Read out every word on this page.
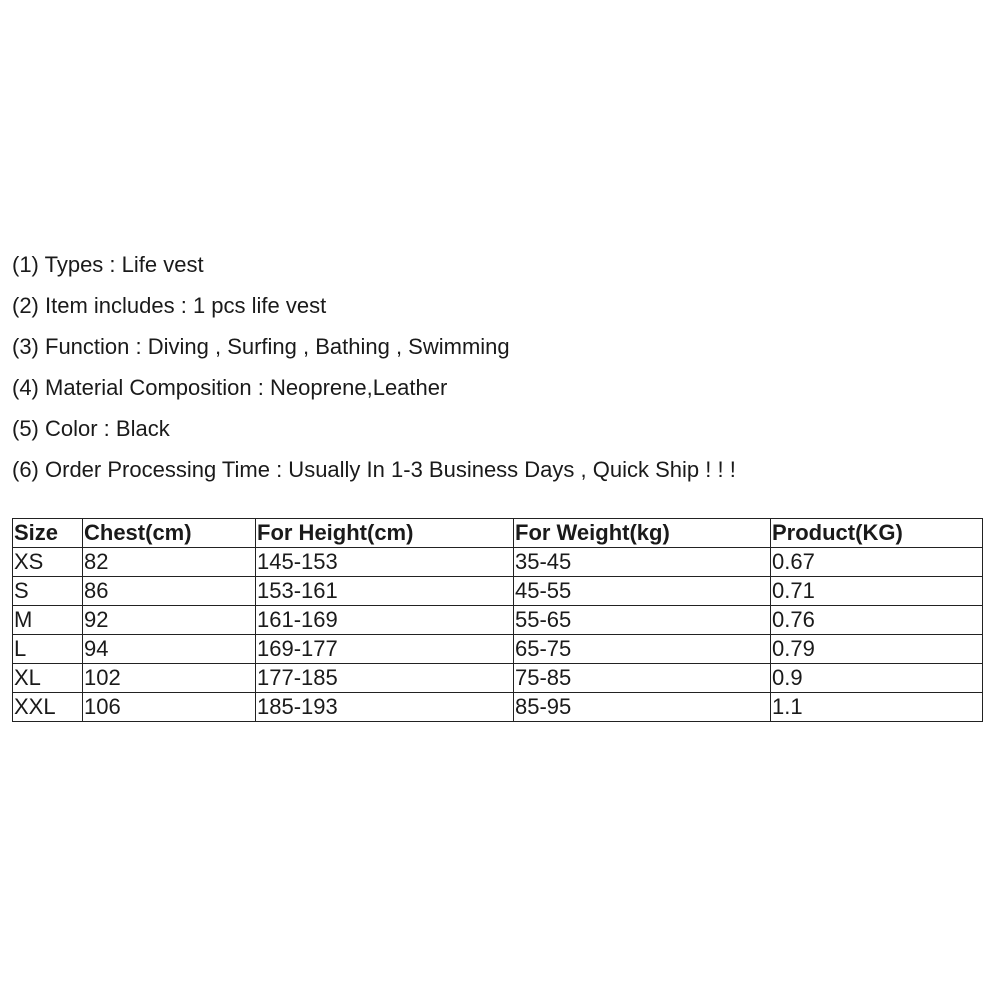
(1) Types : Life vest
(2) Item includes : 1 pcs life vest
(3) Function : Diving , Surfing , Bathing , Swimming
(4) Material Composition : Neoprene,Leather
(5) Color : Black
(6) Order Processing Time : Usually In 1-3 Business Days , Quick Ship ! ! !
Size	Chest(cm)	For Height(cm)	For Weight(kg)	Product(KG)
XS	82	145-153	35-45	0.67
S	86	153-161	45-55	0.71
M	92	161-169	55-65	0.76
L	94	169-177	65-75	0.79
XL	102	177-185	75-85	0.9
XXL	106	185-193	85-95	1.1
